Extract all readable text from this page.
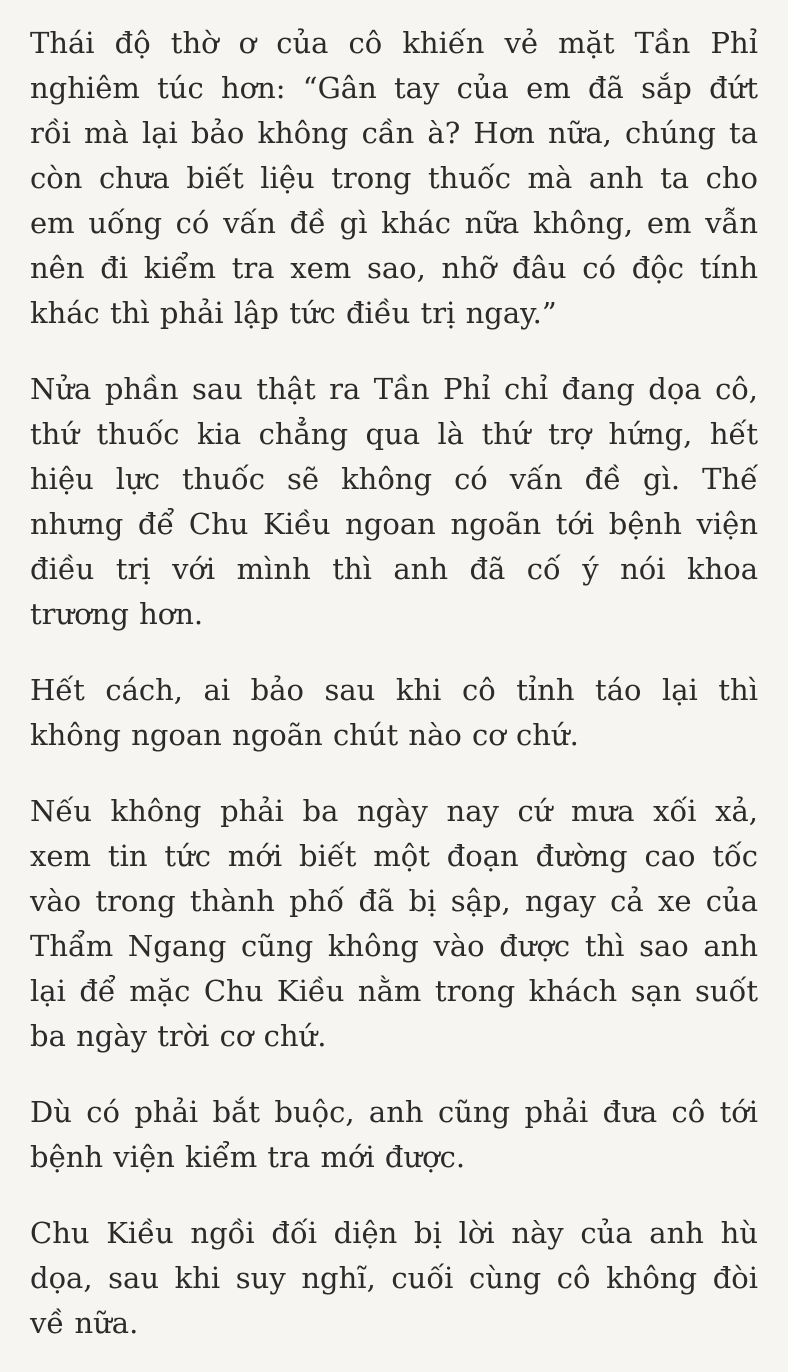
Thái độ thờ ơ của cô khiến vẻ mặt Tần Phỉ
nghiêm túc hơn: “Gân tay của em đã sắp đứt
rồi mà lại bảo không cần à? Hơn nữa, chúng ta
còn chưa biết liệu trong thuốc mà anh ta cho
em uống có vấn đề gì khác nữa không, em vẫn
nên đi kiểm tra xem sao, nhỡ đâu có độc tính
khác thì phải lập tức điều trị ngay.”
Nửa phần sau thật ra Tần Phỉ chỉ đang dọa cô,
thứ thuốc kia chẳng qua là thứ trợ hứng, hết
hiệu lực thuốc sẽ không có vấn đề gì. Thế
nhưng để Chu Kiều ngoan ngoãn tới bệnh viện
điều trị với mình thì anh đã cố ý nói khoa
trương hơn.
Hết cách, ai bảo sau khi cô tỉnh táo lại thì
không ngoan ngoãn chút nào cơ chứ.
Nếu không phải ba ngày nay cứ mưa xối xả,
xem tin tức mới biết một đoạn đường cao tốc
vào trong thành phố đã bị sập, ngay cả xe của
Thẩm Ngang cũng không vào được thì sao anh
lại để mặc Chu Kiều nằm trong khách sạn suốt
ba ngày trời cơ chứ.
Dù có phải bắt buộc, anh cũng phải đưa cô tới
bệnh viện kiểm tra mới được.
Chu Kiều ngồi đối diện bị lời này của anh hù
dọa, sau khi suy nghĩ, cuối cùng cô không đòi
về nữa.
